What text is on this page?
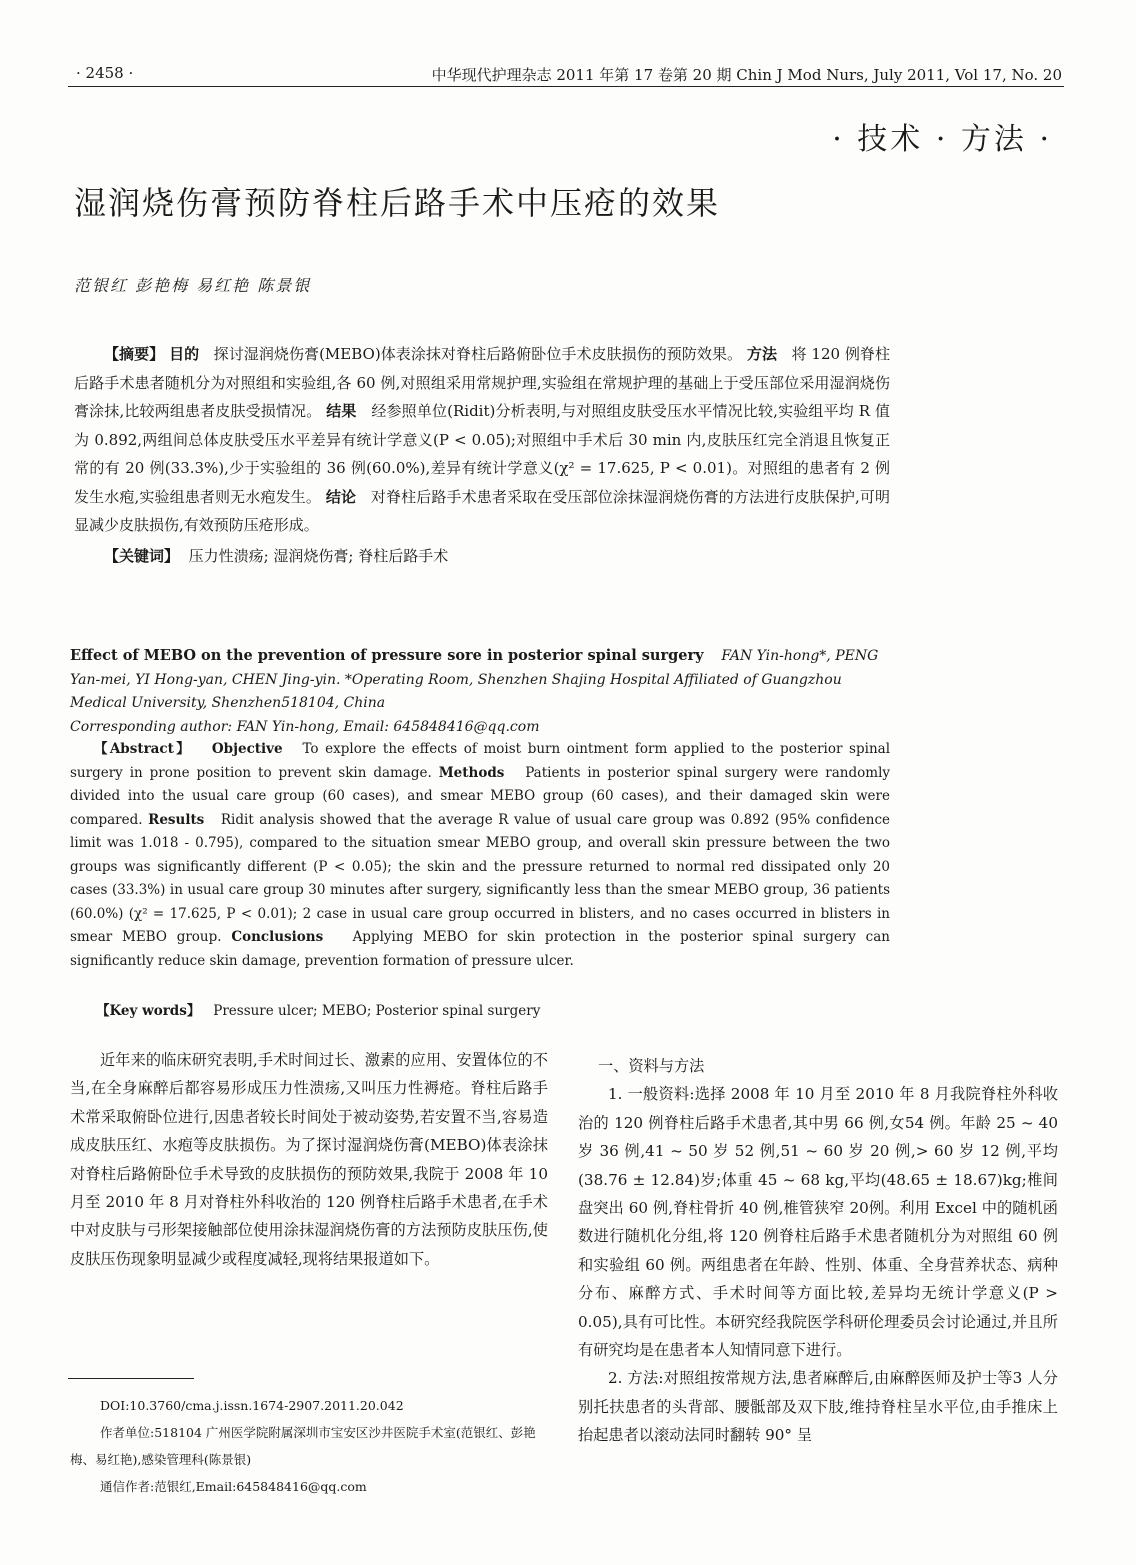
· 2458 ·	中华现代护理杂志 2011 年第 17 卷第 20 期 Chin J Mod Nurs, July 2011, Vol 17, No. 20
· 技术 · 方法 ·
湿润烧伤膏预防脊柱后路手术中压疮的效果
范银红 彭艳梅 易红艳 陈景银

【摘要】 目的 探讨湿润烧伤膏(MEBO)体表涂抹对脊柱后路俯卧位手术皮肤损伤的预防效果。 方法 将 120 例脊柱后路手术患者随机分为对照组和实验组,各 60 例,对照组采用常规护理,实验组在常规护理的基础上于受压部位采用湿润烧伤膏涂抹,比较两组患者皮肤受损情况。 结果 经参照单位(Ridit)分析表明,与对照组皮肤受压水平情况比较,实验组平均 R 值为 0.892,两组间总体皮肤受压水平差异有统计学意义(P < 0.05);对照组中手术后 30 min 内,皮肤压红完全消退且恢复正常的有 20 例(33.3%),少于实验组的 36 例(60.0%),差异有统计学意义(χ² = 17.625, P < 0.01)。对照组的患者有 2 例发生水疱,实验组患者则无水疱发生。 结论 对脊柱后路手术患者采取在受压部位涂抹湿润烧伤膏的方法进行皮肤保护,可明显减少皮肤损伤,有效预防压疮形成。

【关键词】 压力性溃疡; 湿润烧伤膏; 脊柱后路手术

Effect of MEBO on the prevention of pressure sore in posterior spinal surgery FAN Yin-hong*, PENG Yan-mei, YI Hong-yan, CHEN Jing-yin. *Operating Room, Shenzhen Shajing Hospital Affiliated of Guangzhou Medical University, Shenzhen518104, China
Corresponding author: FAN Yin-hong, Email: 645848416@qq.com

【Abstract】 Objective To explore the effects of moist burn ointment form applied to the posterior spinal surgery in prone position to prevent skin damage. Methods Patients in posterior spinal surgery were randomly divided into the usual care group (60 cases), and smear MEBO group (60 cases), and their damaged skin were compared. Results Ridit analysis showed that the average R value of usual care group was 0.892 (95% confidence limit was 1.018 - 0.795), compared to the situation smear MEBO group, and overall skin pressure between the two groups was significantly different (P < 0.05); the skin and the pressure returned to normal red dissipated only 20 cases (33.3%) in usual care group 30 minutes after surgery, significantly less than the smear MEBO group, 36 patients (60.0%) (χ² = 17.625, P < 0.01); 2 case in usual care group occurred in blisters, and no cases occurred in blisters in smear MEBO group. Conclusions Applying MEBO for skin protection in the posterior spinal surgery can significantly reduce skin damage, prevention formation of pressure ulcer.

【Key words】 Pressure ulcer; MEBO; Posterior spinal surgery

近年来的临床研究表明,手术时间过长、激素的应用、安置体位的不当,在全身麻醉后都容易形成压力性溃疡,又叫压力性褥疮。脊柱后路手术常采取俯卧位进行,因患者较长时间处于被动姿势,若安置不当,容易造成皮肤压红、水疱等皮肤损伤。为了探讨湿润烧伤膏(MEBO)体表涂抹对脊柱后路俯卧位手术导致的皮肤损伤的预防效果,我院于 2008 年 10 月至 2010 年 8 月对脊柱外科收治的 120 例脊柱后路手术患者,在手术中对皮肤与弓形架接触部位使用涂抹湿润烧伤膏的方法预防皮肤压伤,使皮肤压伤现象明显减少或程度减轻,现将结果报道如下。

DOI:10.3760/cma.j.issn.1674-2907.2011.20.042

作者单位:518104 广州医学院附属深圳市宝安区沙井医院手术室(范银红、彭艳梅、易红艳),感染管理科(陈景银)

通信作者:范银红,Email:645848416@qq.com

一、资料与方法

1. 一般资料:选择 2008 年 10 月至 2010 年 8 月我院脊柱外科收治的 120 例脊柱后路手术患者,其中男 66 例,女54 例。年龄 25 ~ 40 岁 36 例,41 ~ 50 岁 52 例,51 ~ 60 岁 20 例,> 60 岁 12 例,平均(38.76 ± 12.84)岁;体重 45 ~ 68 kg,平均(48.65 ± 18.67)kg;椎间盘突出 60 例,脊柱骨折 40 例,椎管狭窄 20例。利用 Excel 中的随机函数进行随机化分组,将 120 例脊柱后路手术患者随机分为对照组 60 例和实验组 60 例。两组患者在年龄、性别、体重、全身营养状态、病种分布、麻醉方式、手术时间等方面比较,差异均无统计学意义(P > 0.05),具有可比性。本研究经我院医学科研伦理委员会讨论通过,并且所有研究均是在患者本人知情同意下进行。

2. 方法:对照组按常规方法,患者麻醉后,由麻醉医师及护士等3 人分别托扶患者的头背部、腰骶部及双下肢,维持脊柱呈水平位,由手推床上抬起患者以滚动法同时翻转 90° 呈
